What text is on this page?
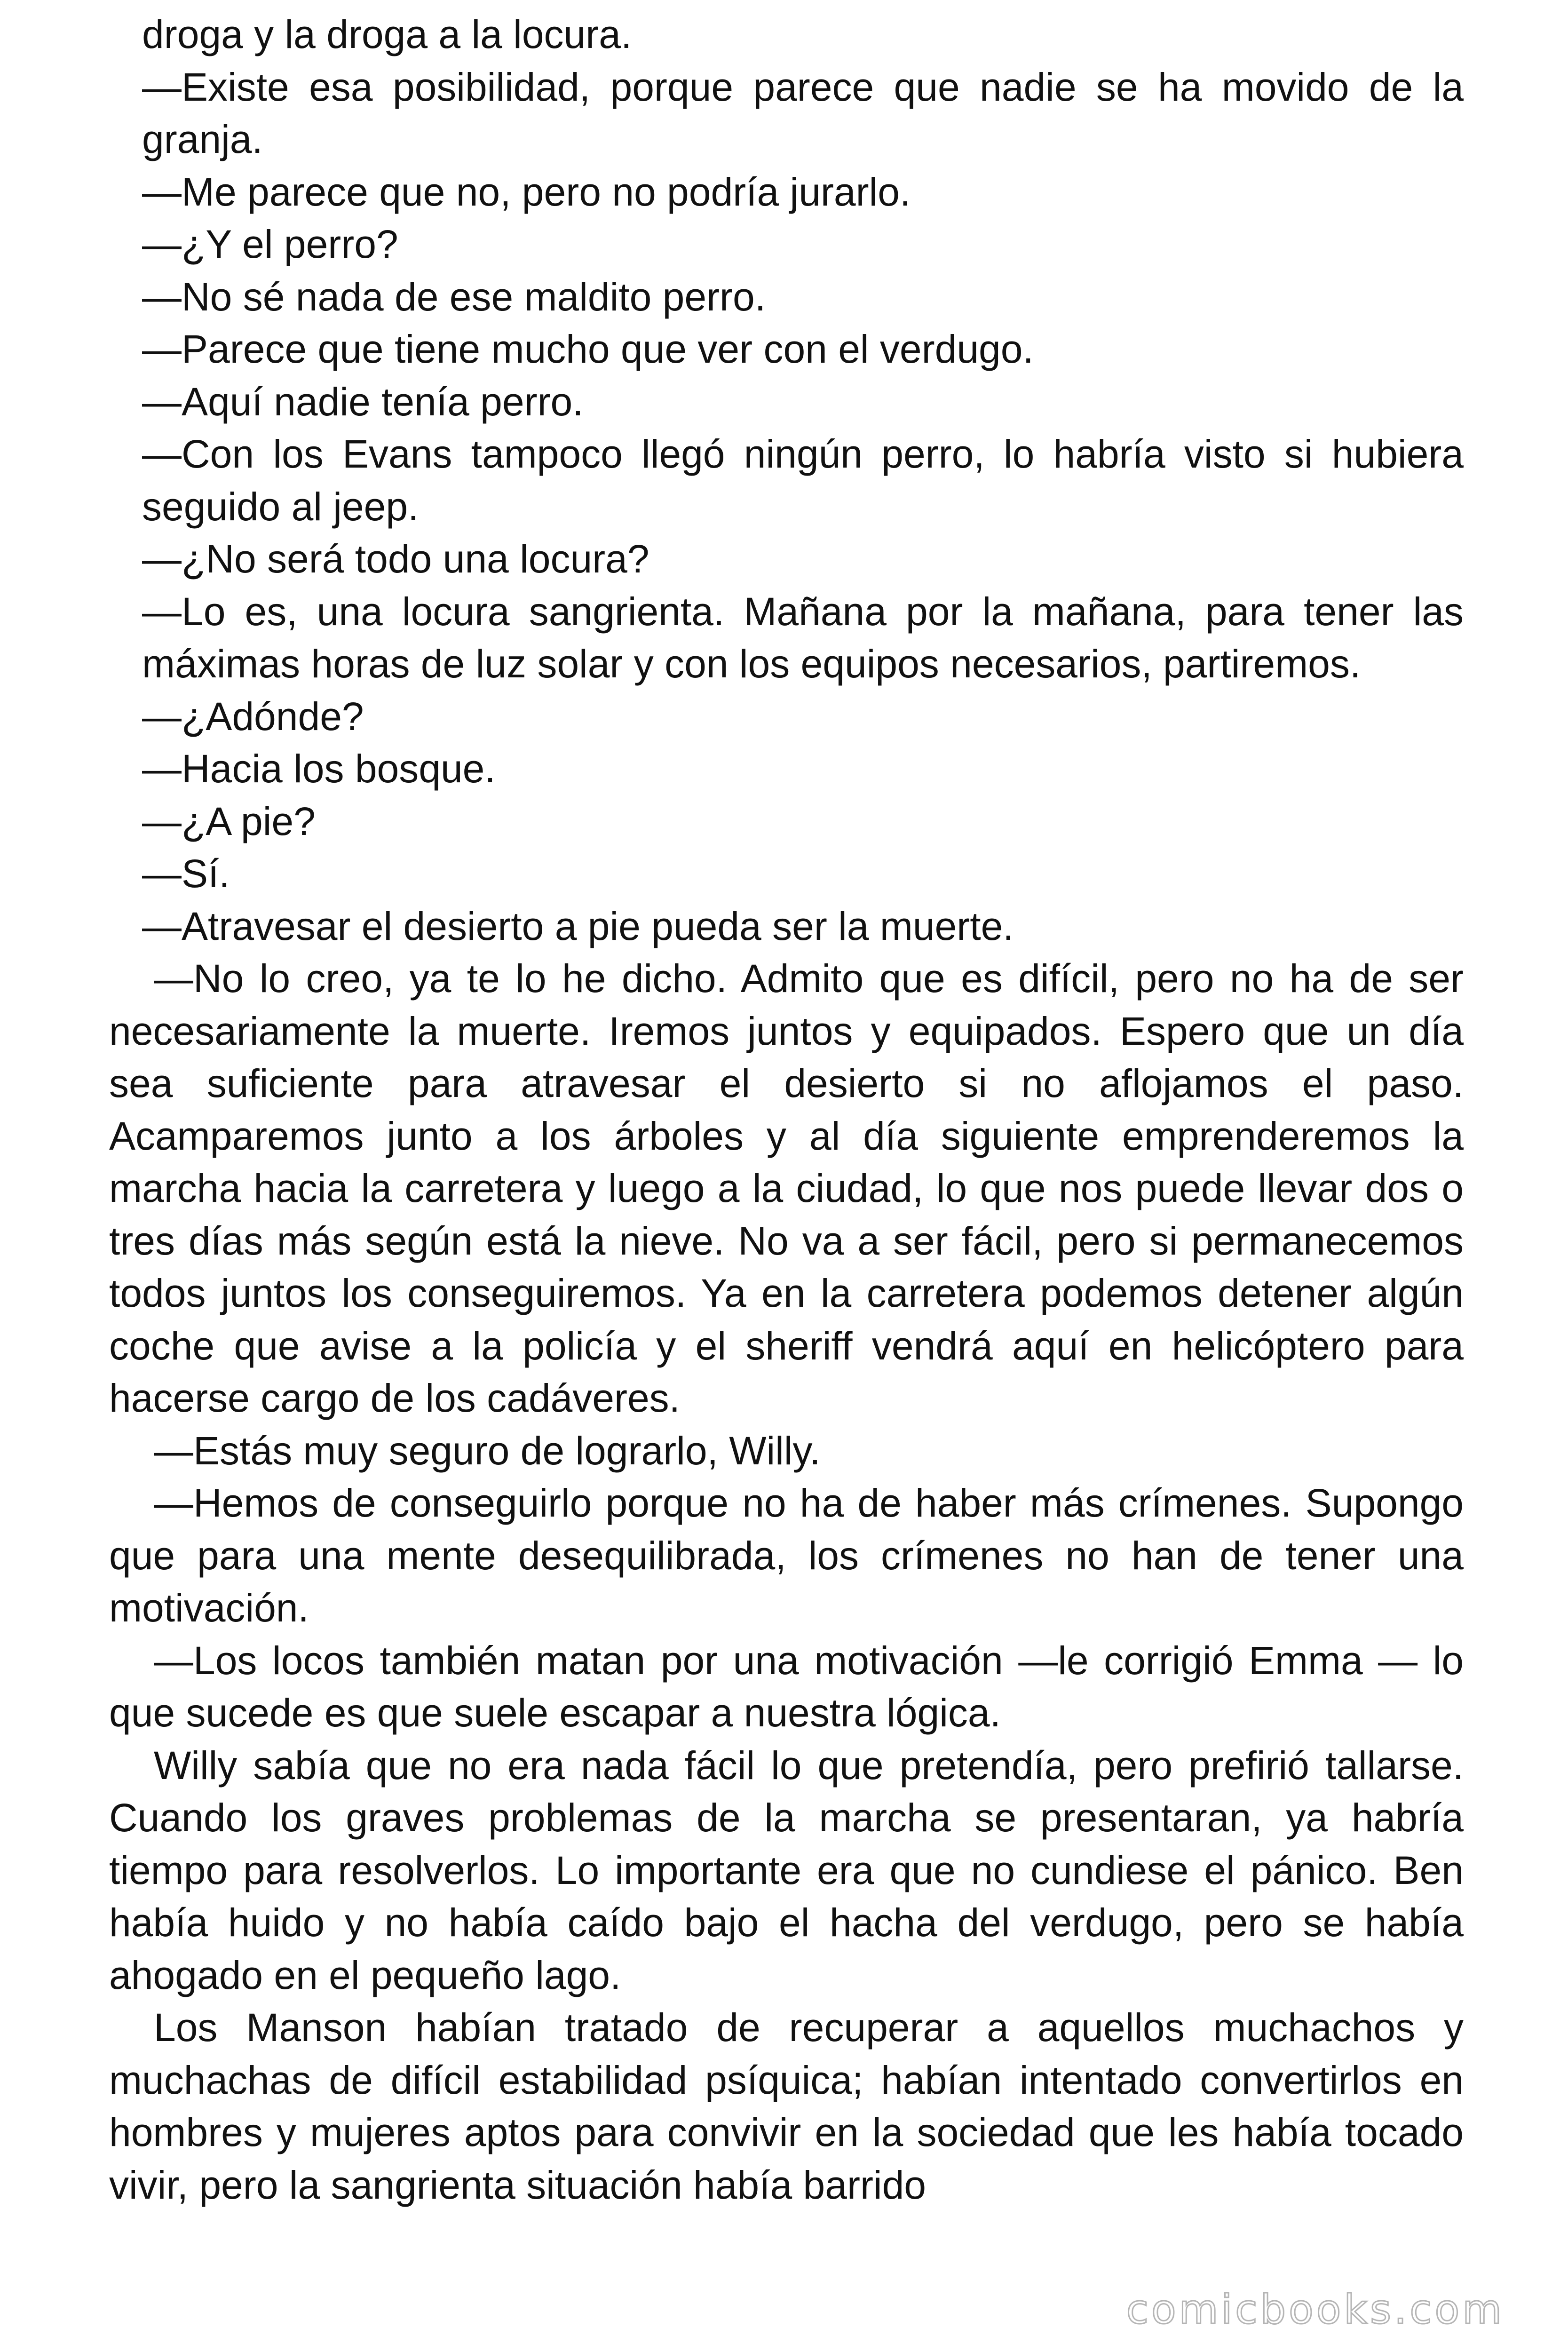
droga y la droga a la locura.

—Existe esa posibilidad, porque parece que nadie se ha movido de la granja.

—Me parece que no, pero no podría jurarlo.

—¿Y el perro?

—No sé nada de ese maldito perro.

—Parece que tiene mucho que ver con el verdugo.

—Aquí nadie tenía perro.

—Con los Evans tampoco llegó ningún perro, lo habría visto si hubiera seguido al jeep.

—¿No será todo una locura?

—Lo es, una locura sangrienta. Mañana por la mañana, para tener las máximas horas de luz solar y con los equipos necesarios, partiremos.

—¿Adónde?

—Hacia los bosque.

—¿A pie?

—Sí.

—Atravesar el desierto a pie pueda ser la muerte.

—No lo creo, ya te lo he dicho. Admito que es difícil, pero no ha de ser necesariamente la muerte. Iremos juntos y equipados. Espero que un día sea suficiente para atravesar el desierto si no aflojamos el paso. Acamparemos junto a los árboles y al día siguiente emprenderemos la marcha hacia la carretera y luego a la ciudad, lo que nos puede llevar dos o tres días más según está la nieve. No va a ser fácil, pero si permanecemos todos juntos los conseguiremos. Ya en la carretera podemos detener algún coche que avise a la policía y el sheriff vendrá aquí en helicóptero para hacerse cargo de los cadáveres.

—Estás muy seguro de lograrlo, Willy.

—Hemos de conseguirlo porque no ha de haber más crímenes. Supongo que para una mente desequilibrada, los crímenes no han de tener una motivación.

—Los locos también matan por una motivación —le corrigió Emma — lo que sucede es que suele escapar a nuestra lógica.

Willy sabía que no era nada fácil lo que pretendía, pero prefirió tallarse. Cuando los graves problemas de la marcha se presentaran, ya habría tiempo para resolverlos. Lo importante era que no cundiese el pánico. Ben había huido y no había caído bajo el hacha del verdugo, pero se había ahogado en el pequeño lago.

Los Manson habían tratado de recuperar a aquellos muchachos y muchachas de difícil estabilidad psíquica; habían intentado convertirlos en hombres y mujeres aptos para convivir en la sociedad que les había tocado vivir, pero la sangrienta situación había barrido

comicbooks.com
